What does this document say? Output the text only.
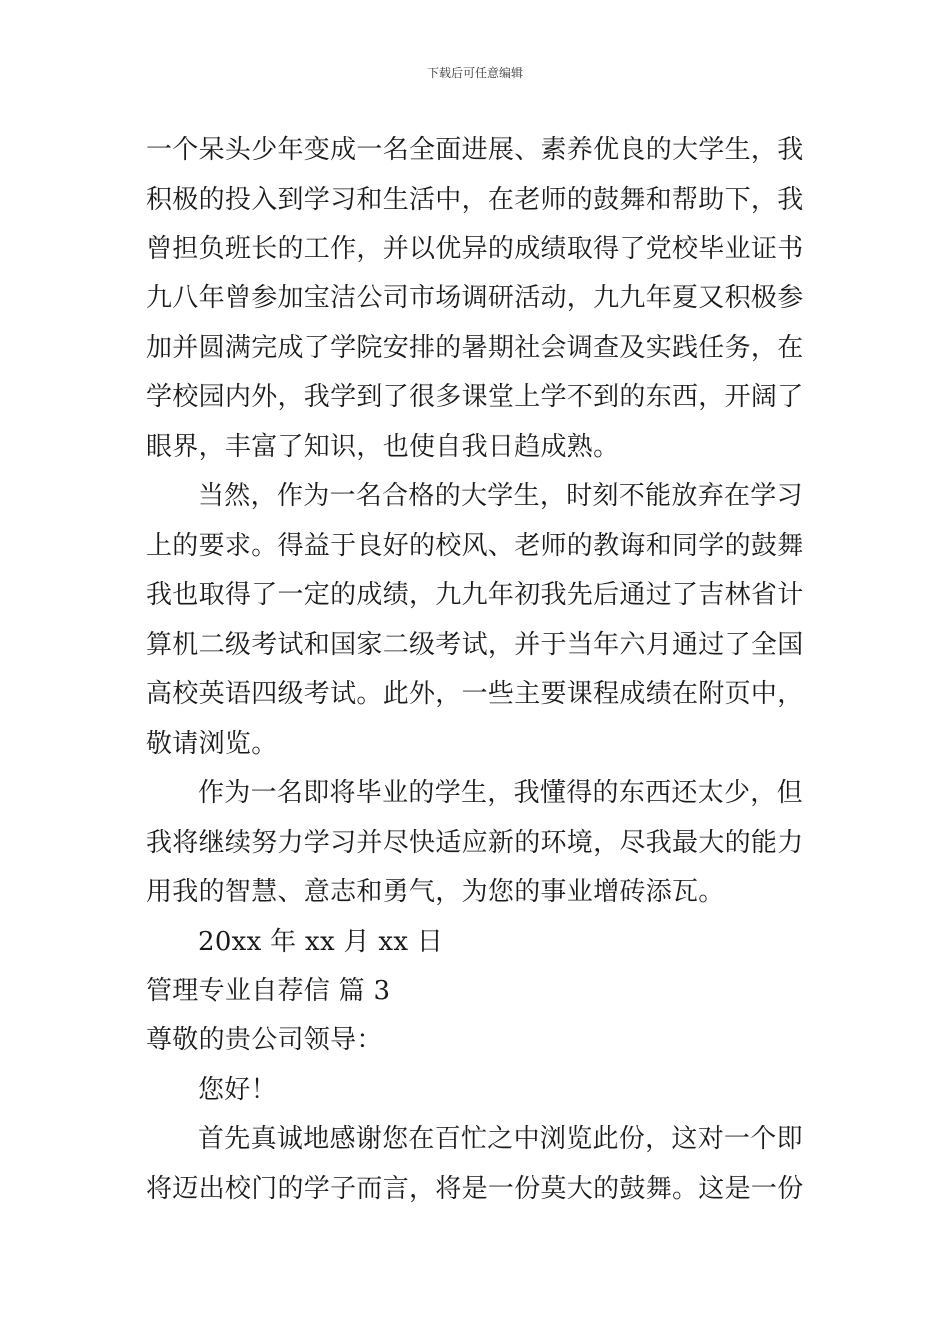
下载后可任意编辑
一个呆头少年变成一名全面进展、素养优良的大学生，我
积极的投入到学习和生活中，在老师的鼓舞和帮助下，我
曾担负班长的工作，并以优异的成绩取得了党校毕业证书
九八年曾参加宝洁公司市场调研活动，九九年夏又积极参
加并圆满完成了学院安排的暑期社会调查及实践任务，在
学校园内外，我学到了很多课堂上学不到的东西，开阔了
眼界，丰富了知识，也使自我日趋成熟。
当然，作为一名合格的大学生，时刻不能放弃在学习
上的要求。得益于良好的校风、老师的教诲和同学的鼓舞
我也取得了一定的成绩，九九年初我先后通过了吉林省计
算机二级考试和国家二级考试，并于当年六月通过了全国
高校英语四级考试。此外，一些主要课程成绩在附页中，
敬请浏览。
作为一名即将毕业的学生，我懂得的东西还太少，但
我将继续努力学习并尽快适应新的环境，尽我最大的能力
用我的智慧、意志和勇气，为您的事业增砖添瓦。
20xx 年 xx 月 xx 日
管理专业自荐信 篇 3
尊敬的贵公司领导：
您好！
首先真诚地感谢您在百忙之中浏览此份，这对一个即
将迈出校门的学子而言，将是一份莫大的鼓舞。这是一份
